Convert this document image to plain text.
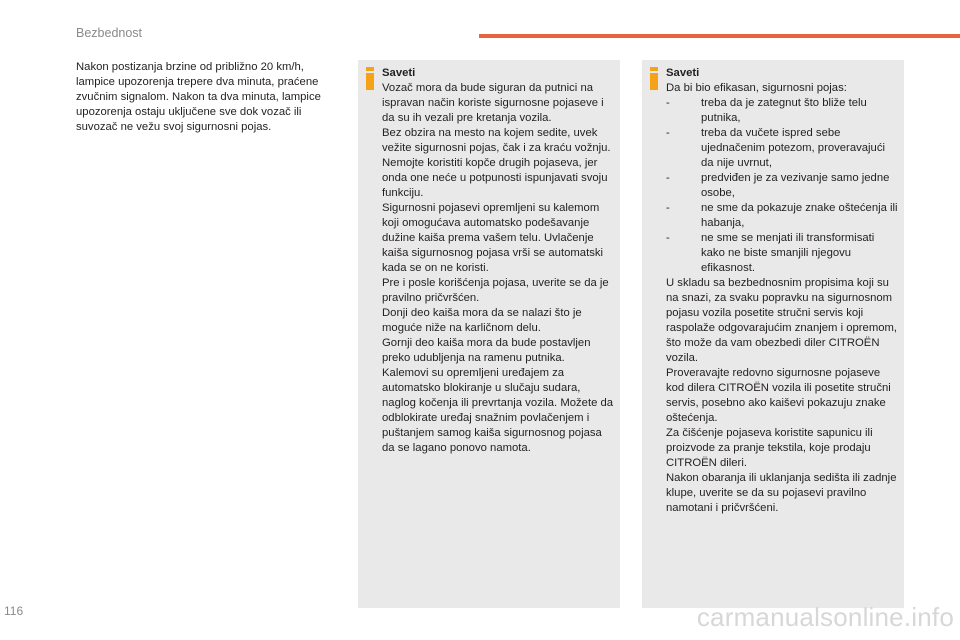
Bezbednost
Nakon postizanja brzine od približno 20 km/h, lampice upozorenja trepere dva minuta, praćene zvučnim signalom. Nakon ta dva minuta, lampice upozorenja ostaju uključene sve dok vozač ili suvozač ne vežu svoj sigurnosni pojas.
Saveti

Vozač mora da bude siguran da putnici na ispravan način koriste sigurnosne pojaseve i da su ih vezali pre kretanja vozila.

Bez obzira na mesto na kojem sedite, uvek vežite sigurnosni pojas, čak i za kraću vožnju.

Nemojte koristiti kopče drugih pojaseva, jer onda one neće u potpunosti ispunjavati svoju funkciju.

Sigurnosni pojasevi opremljeni su kalemom koji omogućava automatsko podešavanje dužine kaiša prema vašem telu. Uvlačenje kaiša sigurnosnog pojasa vrši se automatski kada se on ne koristi.

Pre i posle korišćenja pojasa, uverite se da je pravilno pričvršćen.

Donji deo kaiša mora da se nalazi što je moguće niže na karličnom delu.

Gornji deo kaiša mora da bude postavljen preko udubljenja na ramenu putnika.

Kalemovi su opremljeni uređajem za automatsko blokiranje u slučaju sudara, naglog kočenja ili prevrtanja vozila. Možete da odblokirate uređaj snažnim povlačenjem i puštanjem samog kaiša sigurnosnog pojasa da se lagano ponovo namota.

Saveti

Da bi bio efikasan, sigurnosni pojas:

-	treba da je zategnut što bliže telu putnika,
-	treba da vučete ispred sebe ujednačenim potezom, proveravajući da nije uvrnut,
-	predviđen je za vezivanje samo jedne osobe,
-	ne sme da pokazuje znake oštećenja ili habanja,
-	ne sme se menjati ili transformisati kako ne biste smanjili njegovu efikasnost.

U skladu sa bezbednosnim propisima koji su na snazi, za svaku popravku na sigurnosnom pojasu vozila posetite stručni servis koji raspolaže odgovarajućim znanjem i opremom, što može da vam obezbedi diler CITROËN vozila.

Proveravajte redovno sigurnosne pojaseve kod dilera CITROËN vozila ili posetite stručni servis, posebno ako kaiševi pokazuju znake oštećenja.

Za čišćenje pojaseva koristite sapunicu ili proizvode za pranje tekstila, koje prodaju CITROËN dileri.

Nakon obaranja ili uklanjanja sedišta ili zadnje klupe, uverite se da su pojasevi pravilno namotani i pričvršćeni.

116	carmanualsonline.info
